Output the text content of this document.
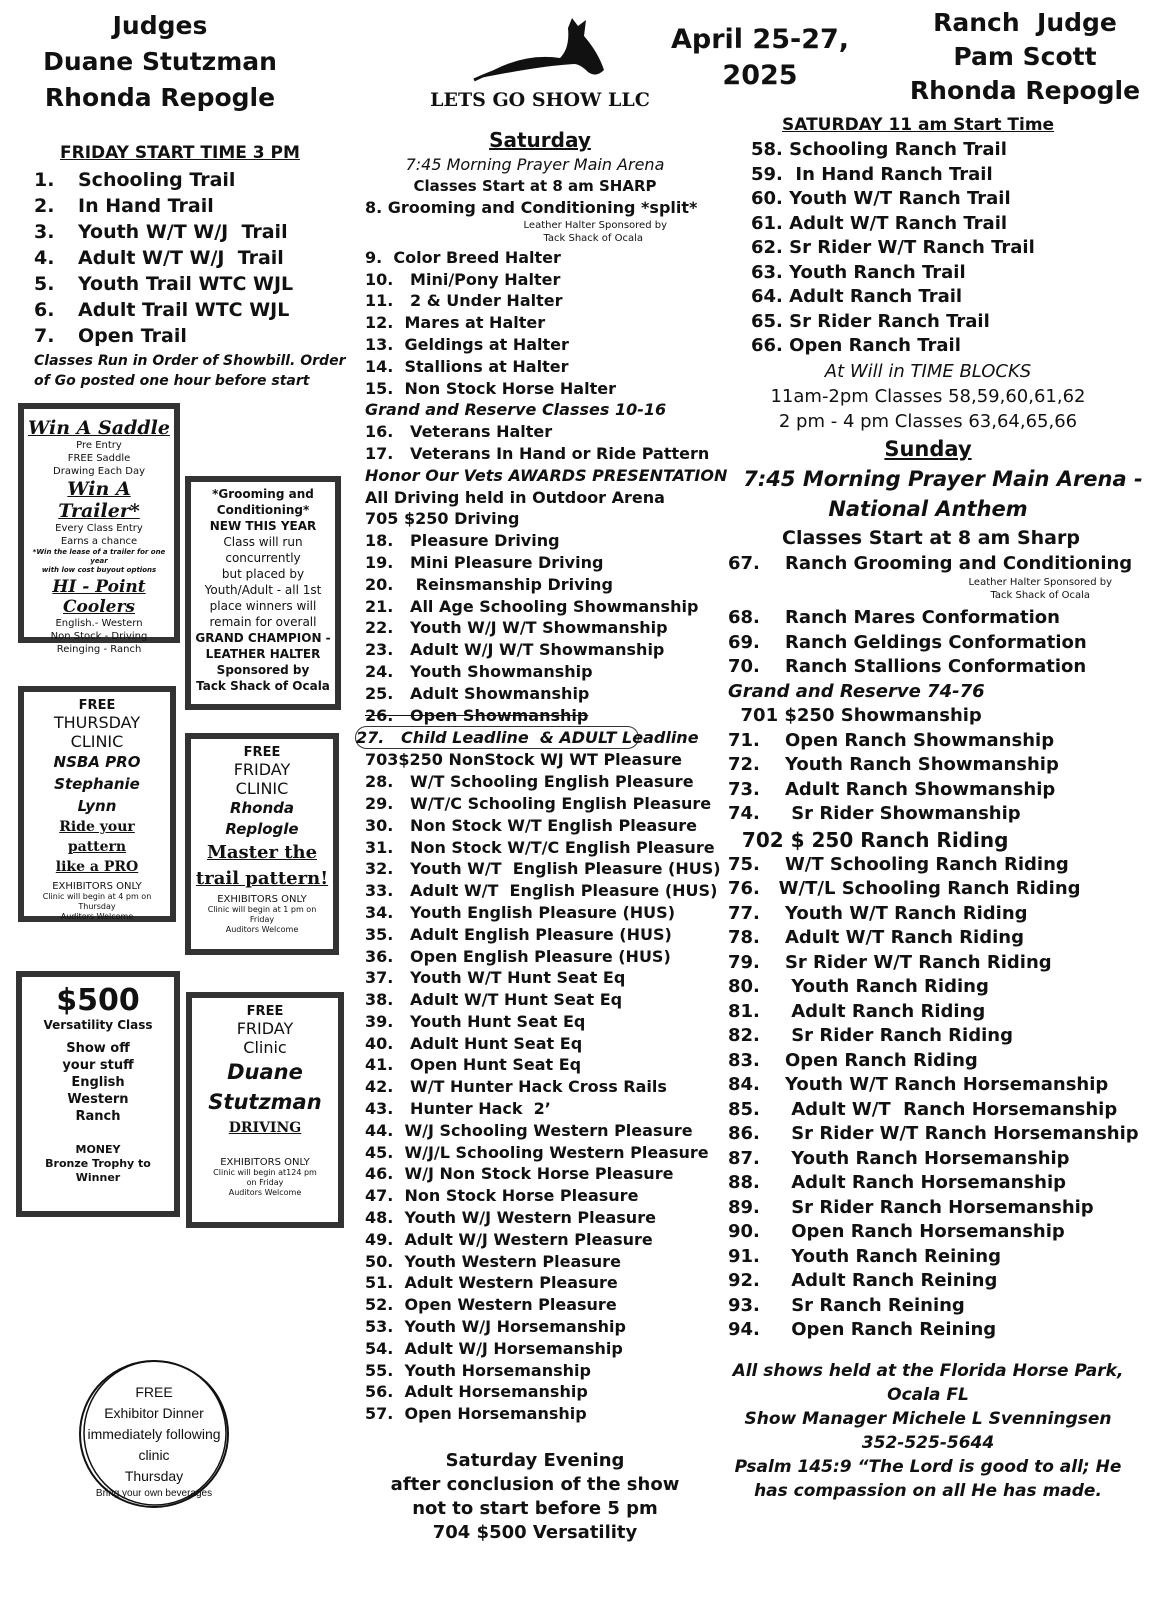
Judges
Duane Stutzman
Rhonda Repogle	LETS GO SHOW LLC
April 25-27, 2025
Ranch  Judge
Pam Scott
Rhonda Repogle
FRIDAY START TIME 3 PM
1. Schooling Trail
2. In Hand Trail
3. Youth W/T W/J  Trail
4. Adult W/T W/J  Trail
5. Youth Trail WTC WJL
6. Adult Trail WTC WJL
7. Open Trail
Classes Run in Order of Showbill. Order
of Go posted one hour before start
Win A Saddle
Pre Entry
FREE Saddle
Drawing Each Day
Win A Trailer*
Every Class Entry
Earns a chance
*Win the lease of a trailer for one year
with low cost buyout options
HI - Point Coolers
English.- Western
Non Stock - Driving
Reinging - Ranch
*Grooming and
Conditioning*
NEW THIS YEAR
Class will run
concurrently
but placed by
Youth/Adult - all 1st
place winners will
remain for overall
GRAND CHAMPION -
LEATHER HALTER
Sponsored by
Tack Shack of Ocala
FREE
THURSDAY
CLINIC
NSBA PRO
Stephanie
Lynn
Ride your pattern
like a PRO
EXHIBITORS ONLY
Clinic will begin at 4 pm on
Thursday
Auditors Welcome
FREE
FRIDAY
CLINIC
Rhonda
Replogle
Master the
trail pattern!
EXHIBITORS ONLY
Clinic will begin at 1 pm on
Friday
Auditors Welcome
$500
Versatility Class
Show off
your stuff
English
Western
Ranch
MONEY
Bronze Trophy to
Winner
FREE
FRIDAY
Clinic
Duane
Stutzman
DRIVING
EXHIBITORS ONLY
Clinic will begin at124 pm
on Friday
Auditors Welcome
FREE
Exhibitor Dinner
immediately following
clinic
Thursday
Bring your own beverages
Saturday
7:45 Morning Prayer Main Arena
Classes Start at 8 am SHARP
8. Grooming and Conditioning *split*
Leather Halter Sponsored by
Tack Shack of Ocala
9.  Color Breed Halter
10.   Mini/Pony Halter
11.   2 & Under Halter
12.  Mares at Halter
13.  Geldings at Halter
14.  Stallions at Halter
15.  Non Stock Horse Halter
Grand and Reserve Classes 10-16
16.   Veterans Halter
17.   Veterans In Hand or Ride Pattern
Honor Our Vets AWARDS PRESENTATION
All Driving held in Outdoor Arena
705 $250 Driving
18.   Pleasure Driving
19.   Mini Pleasure Driving
20.    Reinsmanship Driving
21.   All Age Schooling Showmanship
22.   Youth W/J W/T Showmanship
23.   Adult W/J W/T Showmanship
24.   Youth Showmanship
25.   Adult Showmanship
26.   Open Showmanship
27.   Child Leadline  & ADULT Leadline
703$250 NonStock WJ WT Pleasure
28.   W/T Schooling English Pleasure
29.   W/T/C Schooling English Pleasure
30.   Non Stock W/T English Pleasure
31.   Non Stock W/T/C English Pleasure
32.   Youth W/T  English Pleasure (HUS)
33.   Adult W/T  English Pleasure (HUS)
34.   Youth English Pleasure (HUS)
35.   Adult English Pleasure (HUS)
36.   Open English Pleasure (HUS)
37.   Youth W/T Hunt Seat Eq
38.   Adult W/T Hunt Seat Eq
39.   Youth Hunt Seat Eq
40.   Adult Hunt Seat Eq
41.   Open Hunt Seat Eq
42.   W/T Hunter Hack Cross Rails
43.   Hunter Hack  2’
44.  W/J Schooling Western Pleasure
45.  W/J/L Schooling Western Pleasure
46.  W/J Non Stock Horse Pleasure
47.  Non Stock Horse Pleasure
48.  Youth W/J Western Pleasure
49.  Adult W/J Western Pleasure
50.  Youth Western Pleasure
51.  Adult Western Pleasure
52.  Open Western Pleasure
53.  Youth W/J Horsemanship
54.  Adult W/J Horsemanship
55.  Youth Horsemanship
56.  Adult Horsemanship
57.  Open Horsemanship
Saturday Evening
after conclusion of the show
not to start before 5 pm
704 $500 Versatility
SATURDAY 11 am Start Time
58. Schooling Ranch Trail
59.  In Hand Ranch Trail
60. Youth W/T Ranch Trail
61. Adult W/T Ranch Trail
62. Sr Rider W/T Ranch Trail
63. Youth Ranch Trail
64. Adult Ranch Trail
65. Sr Rider Ranch Trail
66. Open Ranch Trail
At Will in TIME BLOCKS
11am-2pm Classes 58,59,60,61,62
2 pm - 4 pm Classes 63,64,65,66
Sunday
7:45 Morning Prayer Main Arena -
National Anthem
Classes Start at 8 am Sharp
67.    Ranch Grooming and Conditioning
Leather Halter Sponsored by
Tack Shack of Ocala
68.    Ranch Mares Conformation
69.    Ranch Geldings Conformation
70.    Ranch Stallions Conformation
Grand and Reserve 74-76
701 $250 Showmanship
71.    Open Ranch Showmanship
72.    Youth Ranch Showmanship
73.    Adult Ranch Showmanship
74.     Sr Rider Showmanship
702 $ 250 Ranch Riding
75.    W/T Schooling Ranch Riding
76.   W/T/L Schooling Ranch Riding
77.    Youth W/T Ranch Riding
78.    Adult W/T Ranch Riding
79.    Sr Rider W/T Ranch Riding
80.     Youth Ranch Riding
81.     Adult Ranch Riding
82.     Sr Rider Ranch Riding
83.    Open Ranch Riding
84.    Youth W/T Ranch Horsemanship
85.     Adult W/T  Ranch Horsemanship
86.     Sr Rider W/T Ranch Horsemanship
87.     Youth Ranch Horsemanship
88.     Adult Ranch Horsemanship
89.     Sr Rider Ranch Horsemanship
90.     Open Ranch Horsemanship
91.     Youth Ranch Reining
92.     Adult Ranch Reining
93.     Sr Ranch Reining
94.     Open Ranch Reining
All shows held at the Florida Horse Park,
Ocala FL
Show Manager Michele L Svenningsen
352-525-5644
Psalm 145:9 “The Lord is good to all; He
has compassion on all He has made.
